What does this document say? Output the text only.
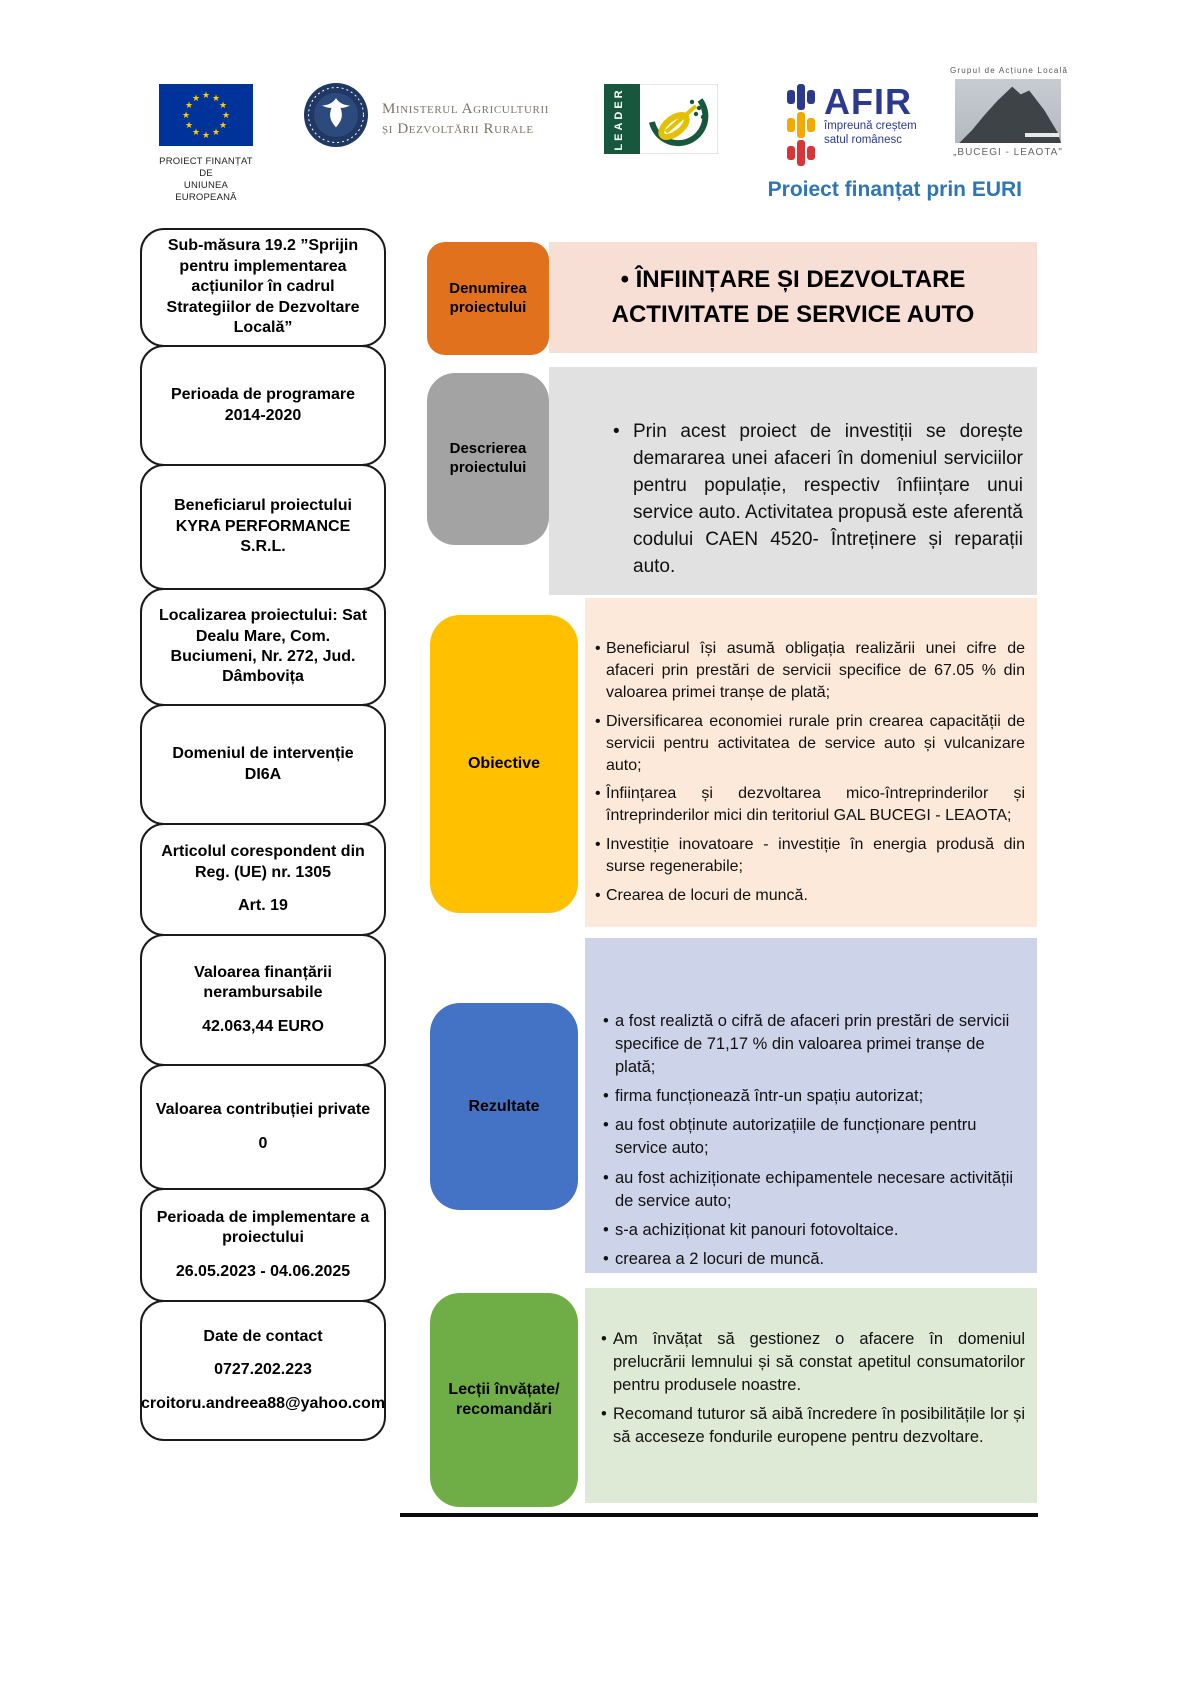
★ ★
★
★
★
★
★
★
★
★
★
★
PROIECT FINANȚAT DE
UNIUNEA EUROPEANĂ
Ministerul Agriculturii
și Dezvoltării Rurale	LEADER	AFIR
împreună creștem
satul românesc
Grupul de Acțiune Locală
„BUCEGI - LEAOTA"
Proiect finanțat prin EURI
Sub-măsura 19.2 ”Sprijin pentru implementarea acțiunilor în cadrul Strategiilor de Dezvoltare Locală”
Perioada de programare 2014-2020
Beneficiarul proiectului KYRA PERFORMANCE S.R.L.
Localizarea proiectului: Sat Dealu Mare, Com. Buciumeni, Nr. 272, Jud. Dâmbovița
Domeniul de intervenție DI6A
Articolul corespondent din Reg. (UE) nr. 1305
Art. 19
Valoarea finanțării nerambursabile
42.063,44 EURO
Valoarea contribuției private
0
Perioada de implementare a proiectului
26.05.2023 - 04.06.2025
Date de contact
0727.202.223
croitoru.andreea88@yahoo.com
Denumirea proiectului
• ÎNFIINȚARE ȘI DEZVOLTARE ACTIVITATE DE SERVICE AUTO
Descrierea proiectului
• Prin acest proiect de investiții se dorește demararea unei afaceri în domeniul serviciilor pentru populație, respectiv înființare unui service auto. Activitatea propusă este aferentă codului CAEN 4520- Întreținere și reparații auto.
Obiective
• Beneficiarul își asumă obligația realizării unei cifre de afaceri prin prestări de servicii specifice de 67.05 % din valoarea primei tranșe de plată;
• Diversificarea economiei rurale prin crearea capacității de servicii pentru activitatea de service auto și vulcanizare auto;
• Înființarea și dezvoltarea mico-întreprinderilor și întreprinderilor mici din teritoriul GAL BUCEGI - LEAOTA;
• Investiție inovatoare - investiție în energia produsă din surse regenerabile;
• Crearea de locuri de muncă.
Rezultate
• a fost realiztă o cifră de afaceri prin prestări de servicii specifice de 71,17 % din valoarea primei tranșe de plată;
• firma funcționează într-un spațiu autorizat;
• au fost obținute autorizațiile de funcționare pentru service auto;
• au fost achiziționate echipamentele necesare activității de service auto;
• s-a achiziționat kit panouri fotovoltaice.
• crearea a 2 locuri de muncă.
Lecții învățate/ recomandări
• Am învățat să gestionez o afacere în domeniul prelucrării lemnului și să constat apetitul consumatorilor pentru produsele noastre.
• Recomand tuturor să aibă încredere în posibilitățile lor și să acceseze fondurile europene pentru dezvoltare.
